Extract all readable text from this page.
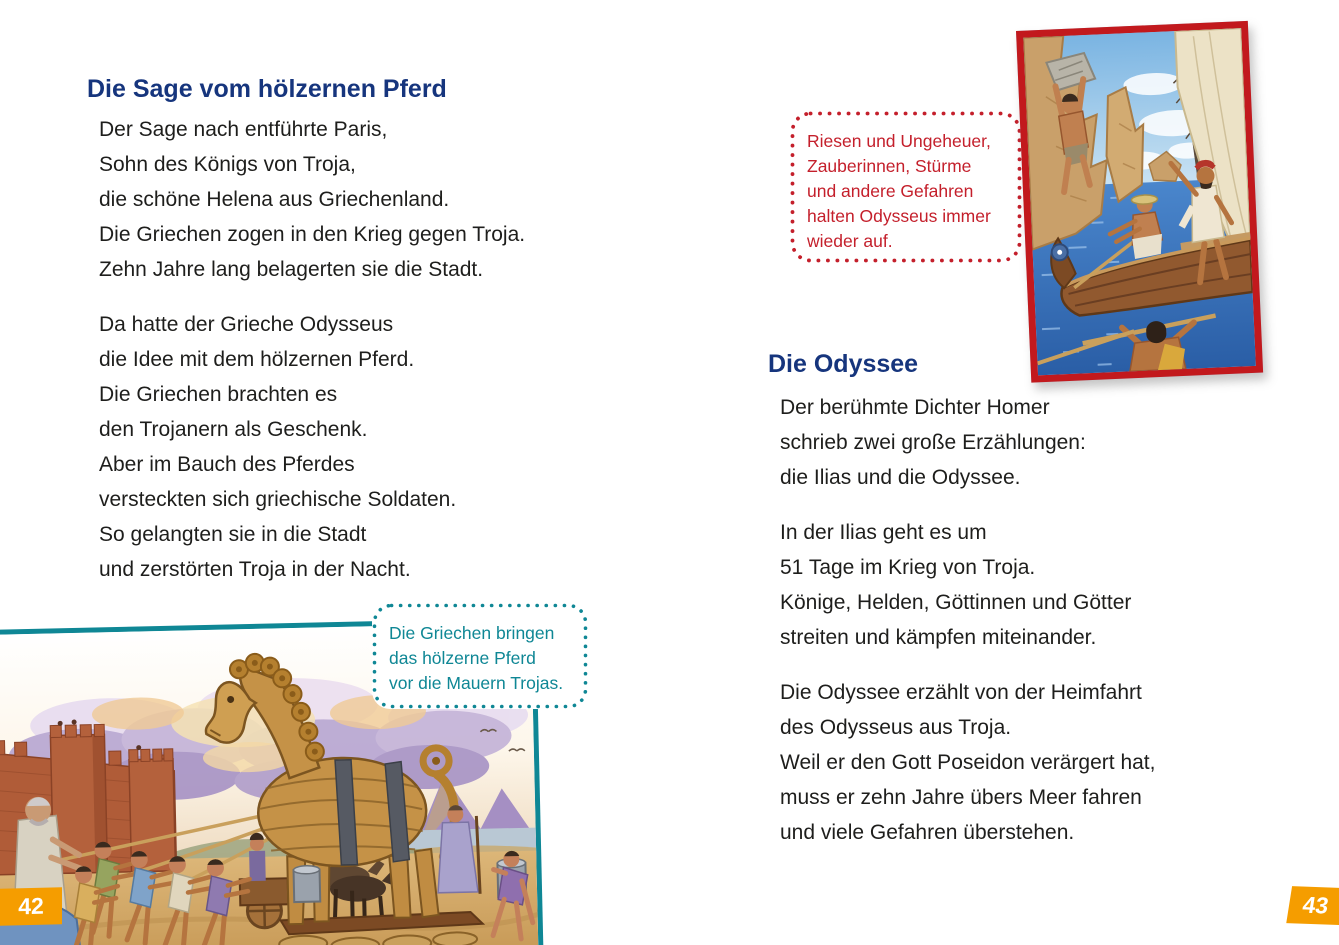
Die Sage vom hölzernen Pferd
Der Sage nach entführte Paris,
Sohn des Königs von Troja,
die schöne Helena aus Griechenland.
Die Griechen zogen in den Krieg gegen Troja.
Zehn Jahre lang belagerten sie die Stadt.
Da hatte der Grieche Odysseus
die Idee mit dem hölzernen Pferd.
Die Griechen brachten es
den Trojanern als Geschenk.
Aber im Bauch des Pferdes
versteckten sich griechische Soldaten.
So gelangten sie in die Stadt
und zerstörten Troja in der Nacht.
Die Griechen bringen
das hölzerne Pferd
vor die Mauern Trojas.
42
Riesen und Ungeheuer,
Zauberinnen, Stürme
und andere Gefahren
halten Odysseus immer
wieder auf.
Die Odyssee
Der berühmte Dichter Homer
schrieb zwei große Erzählungen:
die Ilias und die Odyssee.
In der Ilias geht es um
51 Tage im Krieg von Troja.
Könige, Helden, Göttinnen und Götter
streiten und kämpfen miteinander.
Die Odyssee erzählt von der Heimfahrt
des Odysseus aus Troja.
Weil er den Gott Poseidon verärgert hat,
muss er zehn Jahre übers Meer fahren
und viele Gefahren überstehen.
43
